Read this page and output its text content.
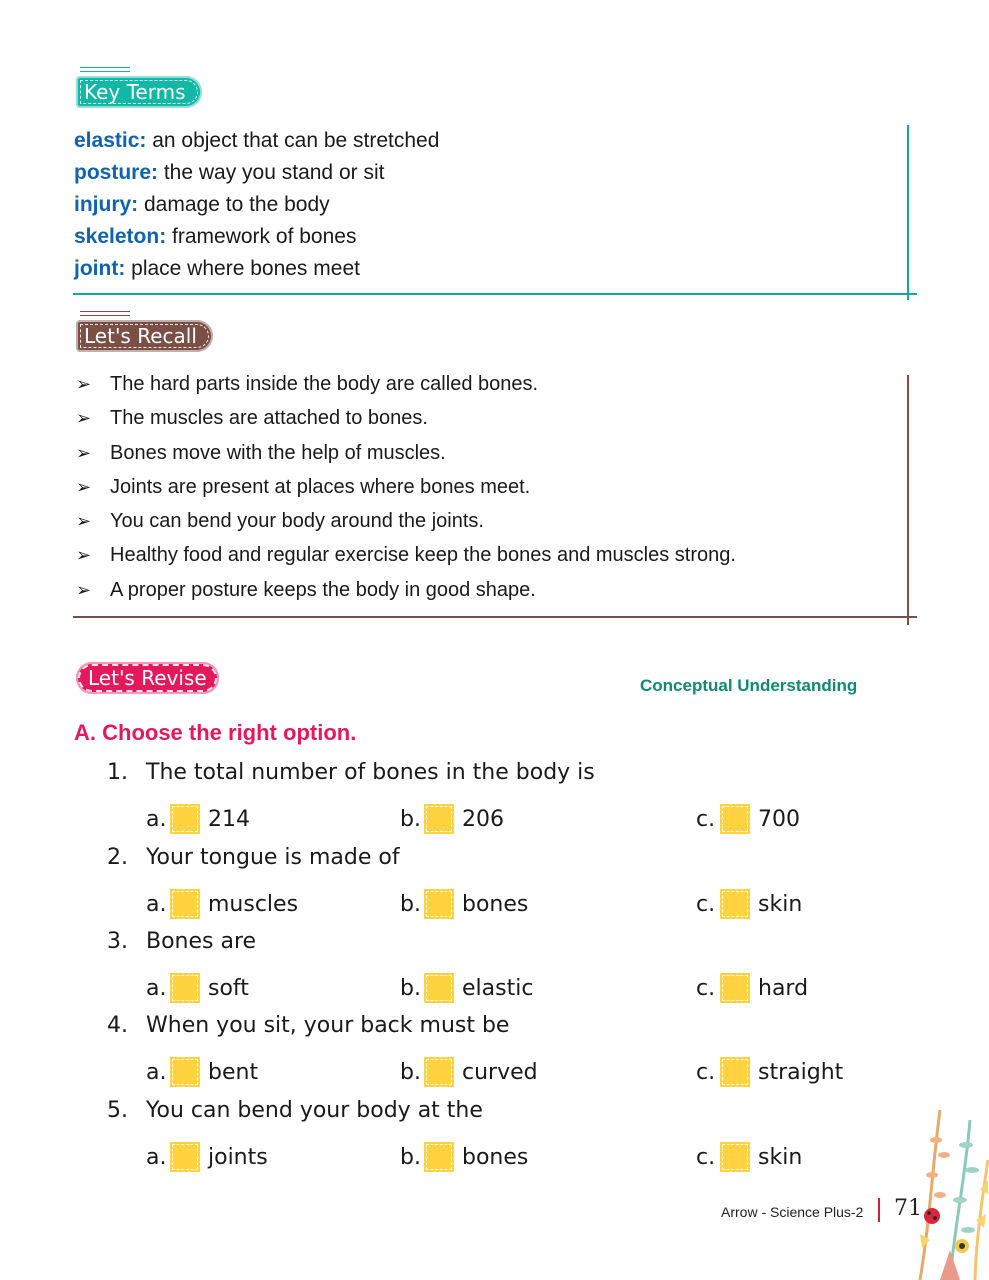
Key Terms
elastic: an object that can be stretched
posture: the way you stand or sit
injury: damage to the body
skeleton: framework of bones
joint: place where bones meet
Let's Recall
➢ The hard parts inside the body are called bones.
➢ The muscles are attached to bones.
➢ Bones move with the help of muscles.
➢ Joints are present at places where bones meet.
➢ You can bend your body around the joints.
➢ Healthy food and regular exercise keep the bones and muscles strong.
➢ A proper posture keeps the body in good shape.
Let's Revise	Conceptual Understanding
A. Choose the right option.
1. The total number of bones in the body is
a. 214	b. 206	c. 700
2. Your tongue is made of
a. muscles	b. bones	c. skin
3. Bones are
a. soft	b. elastic	c. hard
4. When you sit, your back must be
a. bent	b. curved	c. straight
5. You can bend your body at the
a. joints	b. bones	c. skin
Arrow - Science Plus-2 71
